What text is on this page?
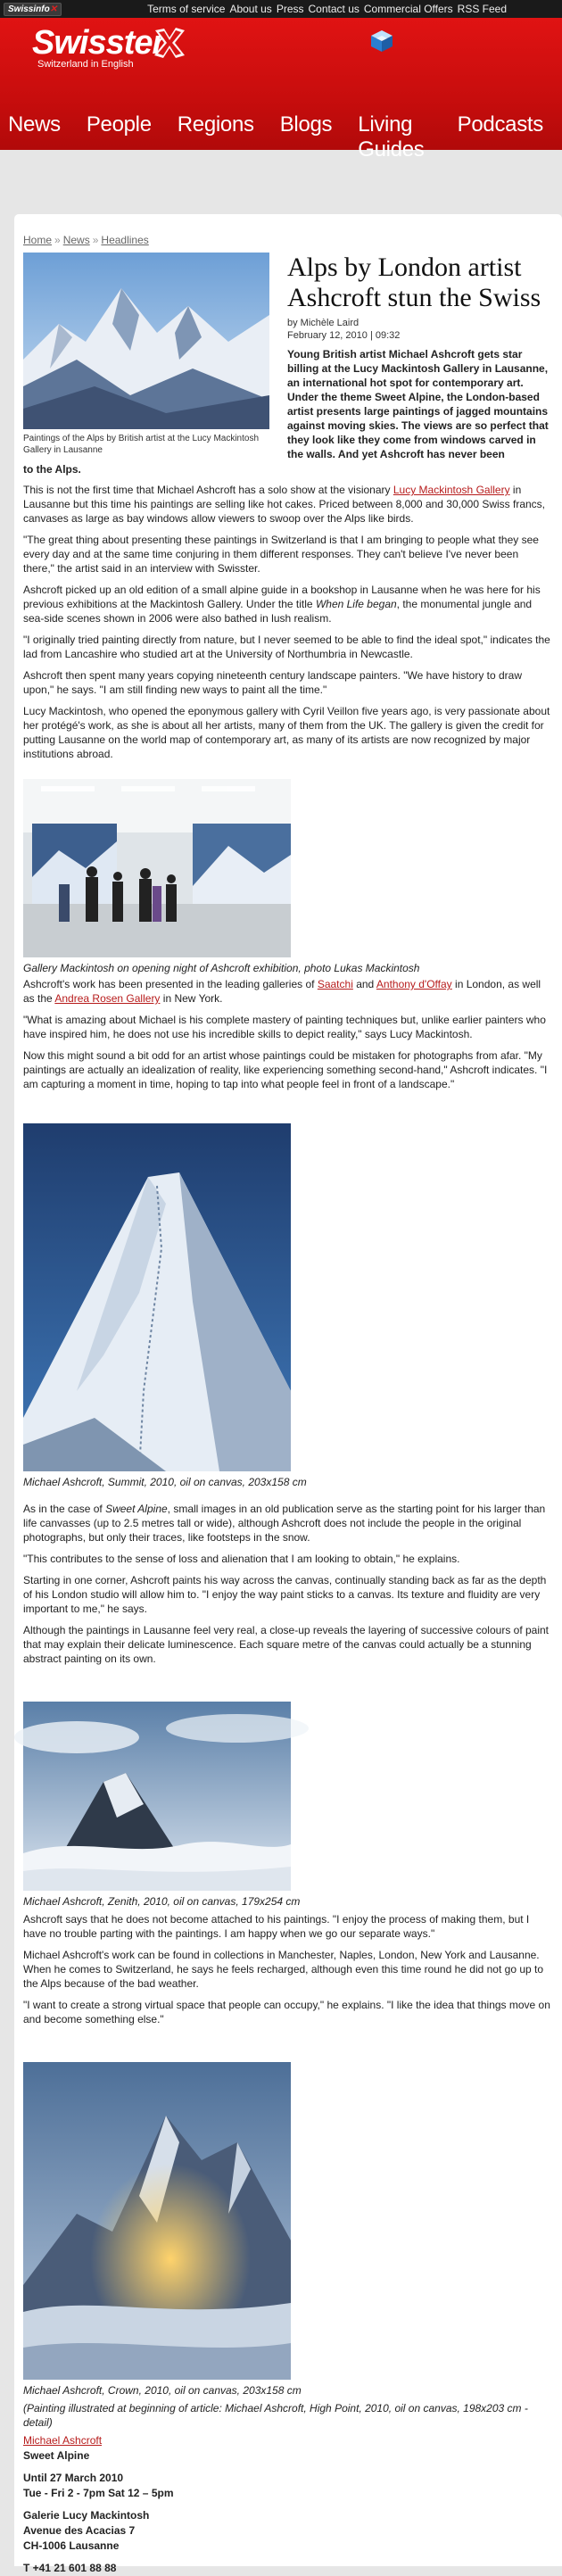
Swissinfo✕	Terms of service About us Press Contact us Commercial Offers RSS Feed
Swisster
Switzerland in English
News People Regions Blogs Living Guides
Podcasts
Home » News » Headlines
Paintings of the Alps by British artist at the Lucy Mackintosh Gallery in Lausanne
Alps by London artist Ashcroft stun the Swiss
by Michèle Laird
February 12, 2010 | 09:32
Young British artist Michael Ashcroft gets star billing at the Lucy Mackintosh Gallery in Lausanne, an international hot spot for contemporary art. Under the theme Sweet Alpine, the London-based artist presents large paintings of jagged mountains against moving skies. The views are so perfect that they look like they come from windows carved in the walls. And yet Ashcroft has never been
to the Alps.

This is not the first time that Michael Ashcroft has a solo show at the visionary Lucy Mackintosh Gallery in Lausanne but this time his paintings are selling like hot cakes. Priced between 8,000 and 30,000 Swiss francs, canvases as large as bay windows allow viewers to swoop over the Alps like birds.

"The great thing about presenting these paintings in Switzerland is that I am bringing to people what they see every day and at the same time conjuring in them different responses. They can't believe I've never been there," the artist said in an interview with Swisster.

Ashcroft picked up an old edition of a small alpine guide in a bookshop in Lausanne when he was here for his previous exhibitions at the Mackintosh Gallery. Under the title When Life began, the monumental jungle and sea-side scenes shown in 2006 were also bathed in lush realism.

"I originally tried painting directly from nature, but I never seemed to be able to find the ideal spot," indicates the lad from Lancashire who studied art at the University of Northumbria in Newcastle.

Ashcroft then spent many years copying nineteenth century landscape painters. "We have history to draw upon," he says. "I am still finding new ways to paint all the time."

Lucy Mackintosh, who opened the eponymous gallery with Cyril Veillon five years ago, is very passionate about her protégé's work, as she is about all her artists, many of them from the UK. The gallery is given the credit for putting Lausanne on the world map of contemporary art, as many of its artists are now recognized by major institutions abroad.

Gallery Mackintosh on opening night of Ashcroft exhibition, photo Lukas Mackintosh

Ashcroft's work has been presented in the leading galleries of Saatchi and Anthony d'Offay in London, as well as the Andrea Rosen Gallery in New York.

"What is amazing about Michael is his complete mastery of painting techniques but, unlike earlier painters who have inspired him, he does not use his incredible skills to depict reality," says Lucy Mackintosh.

Now this might sound a bit odd for an artist whose paintings could be mistaken for photographs from afar. "My paintings are actually an idealization of reality, like experiencing something second-hand," Ashcroft indicates. "I am capturing a moment in time, hoping to tap into what people feel in front of a landscape."

Michael Ashcroft, Summit, 2010, oil on canvas, 203x158 cm

As in the case of Sweet Alpine, small images in an old publication serve as the starting point for his larger than life canvasses (up to 2.5 metres tall or wide), although Ashcroft does not include the people in the original photographs, but only their traces, like footsteps in the snow.

"This contributes to the sense of loss and alienation that I am looking to obtain," he explains.

Starting in one corner, Ashcroft paints his way across the canvas, continually standing back as far as the depth of his London studio will allow him to. "I enjoy the way paint sticks to a canvas. Its texture and fluidity are very important to me," he says.

Although the paintings in Lausanne feel very real, a close-up reveals the layering of successive colours of paint that may explain their delicate luminescence. Each square metre of the canvas could actually be a stunning abstract painting on its own.

Michael Ashcroft, Zenith, 2010, oil on canvas, 179x254 cm

Ashcroft says that he does not become attached to his paintings. "I enjoy the process of making them, but I have no trouble parting with the paintings. I am happy when we go our separate ways."

Michael Ashcroft's work can be found in collections in Manchester, Naples, London, New York and Lausanne. When he comes to Switzerland, he says he feels recharged, although even this time round he did not go up to the Alps because of the bad weather.

"I want to create a strong virtual space that people can occupy," he explains. "I like the idea that things move on and become something else."

Michael Ashcroft, Crown, 2010, oil on canvas, 203x158 cm
(Painting illustrated at beginning of article: Michael Ashcroft, High Point, 2010, oil on canvas, 198x203 cm - detail)
Michael Ashcroft
Sweet Alpine
Until 27 March 2010
Tue - Fri 2 - 7pm Sat 12 – 5pm
Galerie Lucy Mackintosh
Avenue des Acacias 7
CH-1006 Lausanne
T +41 21 601 88 88
